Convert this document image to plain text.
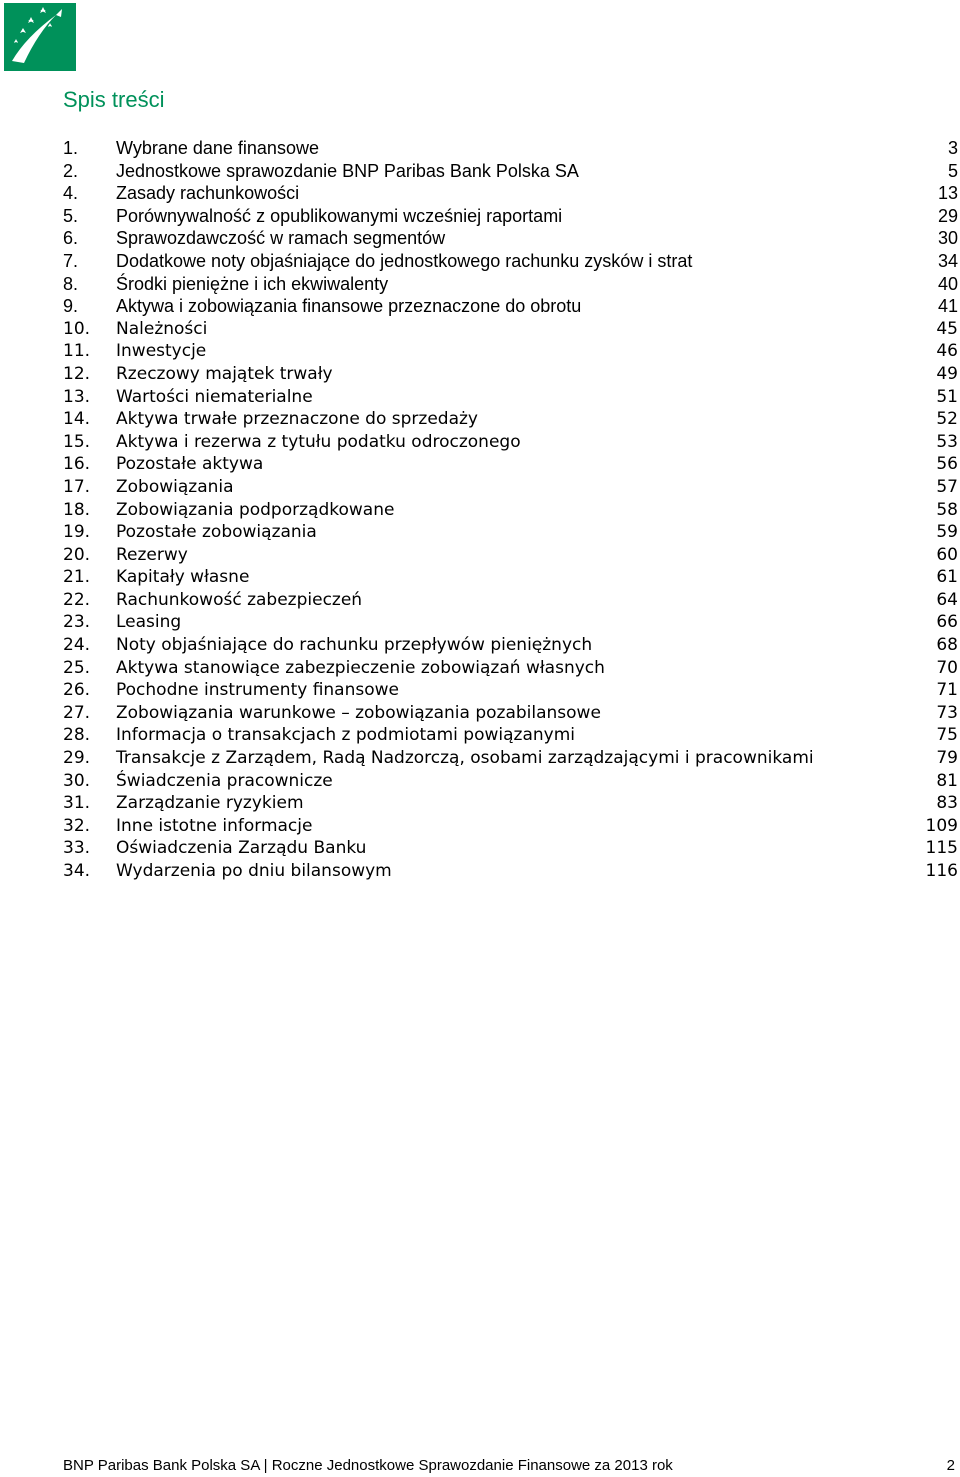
Spis treści
1. Wybrane dane finansowe	3
2. Jednostkowe sprawozdanie BNP Paribas Bank Polska SA	5
4. Zasady rachunkowości	13
5. Porównywalność z opublikowanymi wcześniej raportami	29
6. Sprawozdawczość w ramach segmentów	30
7. Dodatkowe noty objaśniające do jednostkowego rachunku zysków i strat	34
8. Środki pieniężne i ich ekwiwalenty	40
9. Aktywa i zobowiązania finansowe przeznaczone do obrotu	41
10. Należności	45
11. Inwestycje	46
12. Rzeczowy majątek trwały	49
13. Wartości niematerialne	51
14. Aktywa trwałe przeznaczone do sprzedaży	52
15. Aktywa i rezerwa z tytułu podatku odroczonego	53
16. Pozostałe aktywa	56
17. Zobowiązania	57
18. Zobowiązania podporządkowane	58
19. Pozostałe zobowiązania	59
20. Rezerwy	60
21. Kapitały własne	61
22. Rachunkowość zabezpieczeń	64
23. Leasing	66
24. Noty objaśniające do rachunku przepływów pieniężnych	68
25. Aktywa stanowiące zabezpieczenie zobowiązań własnych	70
26. Pochodne instrumenty finansowe	71
27. Zobowiązania warunkowe – zobowiązania pozabilansowe	73
28. Informacja o transakcjach z podmiotami powiązanymi	75
29. Transakcje z Zarządem, Radą Nadzorczą, osobami zarządzającymi i pracownikami	79
30. Świadczenia pracownicze	81
31. Zarządzanie ryzykiem	83
32. Inne istotne informacje	109
33. Oświadczenia Zarządu Banku	115
34. Wydarzenia po dniu bilansowym	116
BNP Paribas Bank Polska SA | Roczne Jednostkowe Sprawozdanie Finansowe za 2013 rok	2
